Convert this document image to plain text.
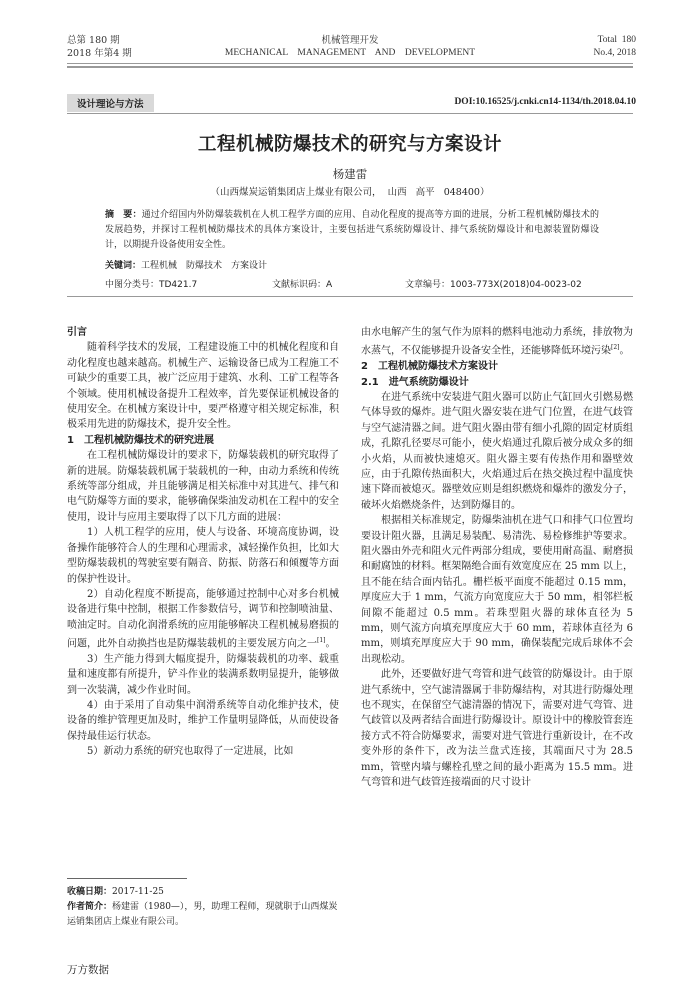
总第 180 期
2018 年第4 期
机械管理开发
MECHANICAL    MANAGEMENT    AND    DEVELOPMENT
Total  180
No.4, 2018
设计理论与方法	DOI:10.16525/j.cnki.cn14-1134/th.2018.04.10
工程机械防爆技术的研究与方案设计
杨建雷
（山西煤炭运销集团店上煤业有限公司，  山西   高平   048400）
摘　要：通过介绍国内外防爆装载机在人机工程学方面的应用、自动化程度的提高等方面的进展，分析工程机械防爆技术的发展趋势，并探讨工程机械防爆技术的具体方案设计，主要包括进气系统防爆设计、排气系统防爆设计和电源装置防爆设计，以期提升设备使用安全性。
关键词：工程机械　防爆技术　方案设计
中图分类号：TD421.7	文献标识码：A	文章编号：1003-773X(2018)04-0023-02
引言

随着科学技术的发展，工程建设施工中的机械化程度和自动化程度也越来越高。机械生产、运输设备已成为工程施工不可缺少的重要工具，被广泛应用于建筑、水利、工矿工程等各个领域。使用机械设备提升工程效率，首先要保证机械设备的使用安全。在机械方案设计中，要严格遵守相关规定标准，积极采用先进的防爆技术，提升安全性。

1　工程机械防爆技术的研究进展

在工程机械防爆设计的要求下，防爆装载机的研究取得了新的进展。防爆装载机属于装载机的一种，由动力系统和传统系统等部分组成，并且能够满足相关标准中对其进气、排气和电气防爆等方面的要求，能够确保柴油发动机在工程中的安全使用，设计与应用主要取得了以下几方面的进展：

1）人机工程学的应用，使人与设备、环境高度协调，设备操作能够符合人的生理和心理需求，减轻操作负担，比如大型防爆装载机的驾驶室要有隔音、防振、防落石和倾覆等方面的保护性设计。

2）自动化程度不断提高，能够通过控制中心对多台机械设备进行集中控制，根据工作参数信号，调节和控制喷油量、喷油定时。自动化润滑系统的应用能够解决工程机械易磨损的问题，此外自动换挡也是防爆装载机的主要发展方向之一[1]。

3）生产能力得到大幅度提升，防爆装载机的功率、载重量和速度都有所提升，铲斗作业的装满系数明显提升，能够做到一次装满，减少作业时间。

4）由于采用了自动集中润滑系统等自动化维护技术，使设备的维护管理更加及时，维护工作量明显降低，从而使设备保持最佳运行状态。

5）新动力系统的研究也取得了一定进展，比如

由水电解产生的氢气作为原料的燃料电池动力系统，排放物为水蒸气，不仅能够提升设备安全性，还能够降低环境污染[2]。

2　工程机械防爆技术方案设计
2.1　进气系统防爆设计

在进气系统中安装进气阻火器可以防止气缸回火引燃易燃气体导致的爆炸。进气阻火器安装在进气门位置，在进气歧管与空气滤清器之间。进气阻火器由带有细小孔隙的固定材质组成，孔隙孔径要尽可能小，使火焰通过孔隙后被分成众多的细小火焰，从而被快速熄灭。阻火器主要有传热作用和器壁效应，由于孔隙传热面积大，火焰通过后在热交换过程中温度快速下降而被熄灭。器壁效应则是组织燃烧和爆炸的激发分子，破坏火焰燃烧条件，达到防爆目的。

根据相关标准规定，防爆柴油机在进气口和排气口位置均要设计阻火器，且满足易装配、易清洗、易检修维护等要求。阻火器由外壳和阻火元件两部分组成，要使用耐高温、耐磨损和耐腐蚀的材料。框架隔绝合面有效宽度应在 25 mm 以上，且不能在结合面内钻孔。栅栏板平面度不能超过 0.15 mm，厚度应大于 1 mm，气流方向宽度应大于 50 mm，相邻栏板间隙不能超过 0.5 mm。若珠型阻火器的球体直径为 5 mm，则气流方向填充厚度应大于 60 mm，若球体直径为 6 mm，则填充厚度应大于 90 mm，确保装配完成后球体不会出现松动。

此外，还要做好进气弯管和进气歧管的防爆设计。由于原进气系统中，空气滤清器属于非防爆结构，对其进行防爆处理也不现实，在保留空气滤清器的情况下，需要对进气弯管、进气歧管以及两者结合面进行防爆设计。原设计中的橡胶管套连接方式不符合防爆要求，需要对进气管进行重新设计，在不改变外形的条件下，改为法兰盘式连接，其端面尺寸为 28.5 mm，管壁内墙与螺栓孔壁之间的最小距离为 15.5 mm。进气弯管和进气歧管连接端面的尺寸设计

收稿日期：2017-11-25
作者简介：杨建雷（1980—），男，助理工程师，现就职于山西煤炭运销集团店上煤业有限公司。
万方数据
